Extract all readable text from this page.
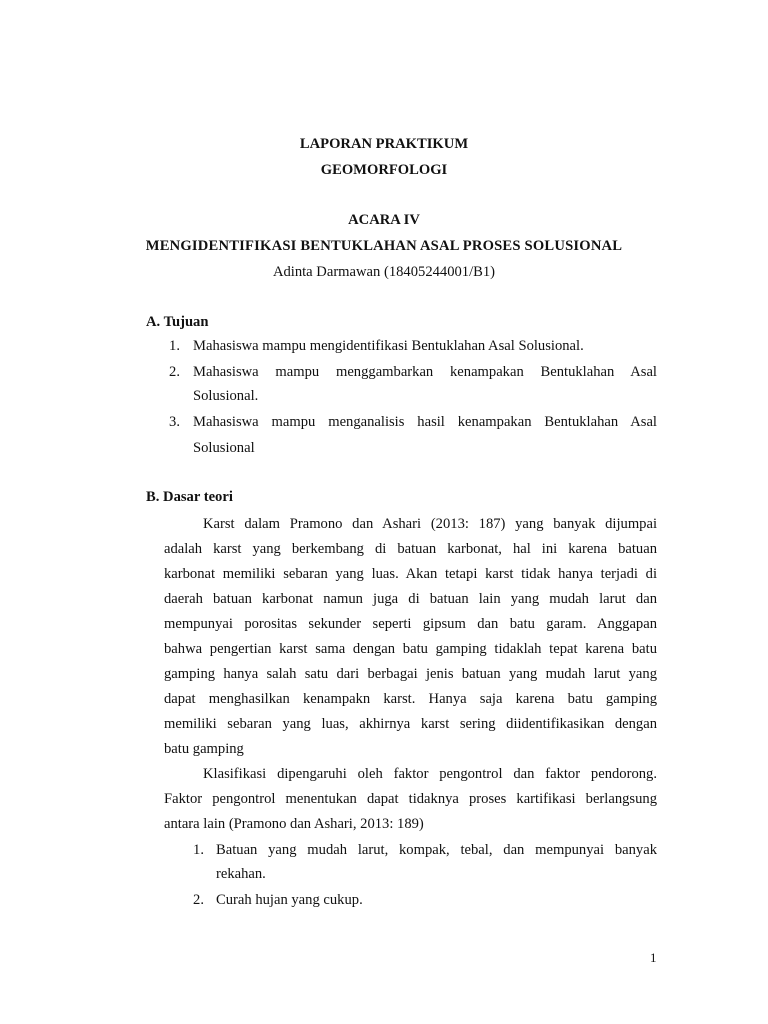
LAPORAN PRAKTIKUM
GEOMORFOLOGI
ACARA IV
MENGIDENTIFIKASI BENTUKLAHAN ASAL PROSES SOLUSIONAL
Adinta Darmawan (18405244001/B1)
A. Tujuan
1. Mahasiswa mampu mengidentifikasi Bentuklahan Asal Solusional.
2. Mahasiswa mampu menggambarkan kenampakan Bentuklahan Asal
Solusional.
3. Mahasiswa mampu menganalisis hasil kenampakan Bentuklahan Asal
Solusional
B. Dasar teori
Karst dalam Pramono dan Ashari (2013: 187) yang banyak dijumpai
adalah karst yang berkembang di batuan karbonat, hal ini karena batuan
karbonat memiliki sebaran yang luas. Akan tetapi karst tidak hanya terjadi di
daerah batuan karbonat namun juga di batuan lain yang mudah larut dan
mempunyai porositas sekunder seperti gipsum dan batu garam. Anggapan
bahwa pengertian karst sama dengan batu gamping tidaklah tepat karena batu
gamping hanya salah satu dari berbagai jenis batuan yang mudah larut yang
dapat menghasilkan kenampakn karst. Hanya saja karena batu gamping
memiliki sebaran yang luas, akhirnya karst sering diidentifikasikan dengan
batu gamping
Klasifikasi dipengaruhi oleh faktor pengontrol dan faktor pendorong.
Faktor pengontrol menentukan dapat tidaknya proses kartifikasi berlangsung
antara lain (Pramono dan Ashari, 2013: 189)
1. Batuan yang mudah larut, kompak, tebal, dan mempunyai banyak
rekahan.
2. Curah hujan yang cukup.
1
